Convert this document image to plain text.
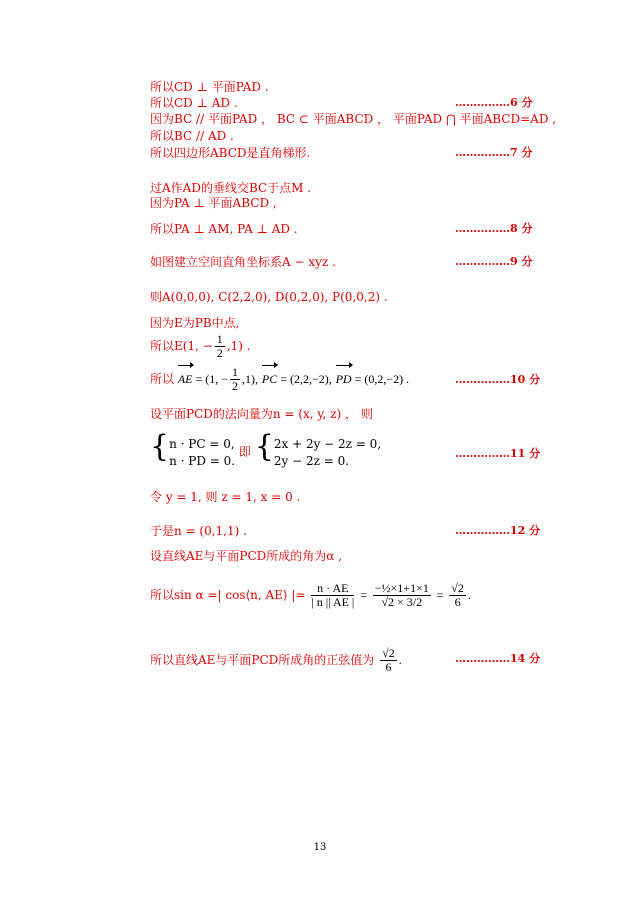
所以CD ⊥ 平面PAD .
所以CD ⊥ AD .	……………6 分
因为BC // 平面PAD ， BC ⊂ 平面ABCD ， 平面PAD ⋂ 平面ABCD=AD ,
所以BC // AD .
所以四边形ABCD是直角梯形.	……………7 分
过A作AD的垂线交BC于点M .
因为PA ⊥ 平面ABCD ,
所以PA ⊥ AM, PA ⊥ AD .	……………8 分
如图建立空间直角坐标系A − xyz .	……………9 分
则A(0,0,0), C(2,2,0), D(0,2,0), P(0,0,2) .
因为E为PB中点,
所以E(1, − $\frac{1}{2} ,1$) .
所以 AE = (1, − $\frac{1}{2} ,1$), PC = (2,2,−2), PD = (0,2,−2) .	……………10 分
设平面PCD的法向量为n = (x, y, z) ， 则
{n · PC = 0,
n · PD = 0. 即 {2x + 2y − 2z = 0,
2y − 2z = 0.	……………11 分
令 y = 1, 则 z = 1, x = 0 .
于是n = (0,1,1) .	……………12 分
设直线AE与平面PCD所成的角为α ,
所以sin α =| cos⟨n, AE⟩ |= $\frac{n \cdot AE}{| n || AE |} = \frac{\text{−½×1+1×1}}{√2 \times 3/2} = \frac{√2}{6}$ .
所以直线AE与平面PCD所成角的正弦值为 $\frac{√2}{6}$ .	……………14 分
13
